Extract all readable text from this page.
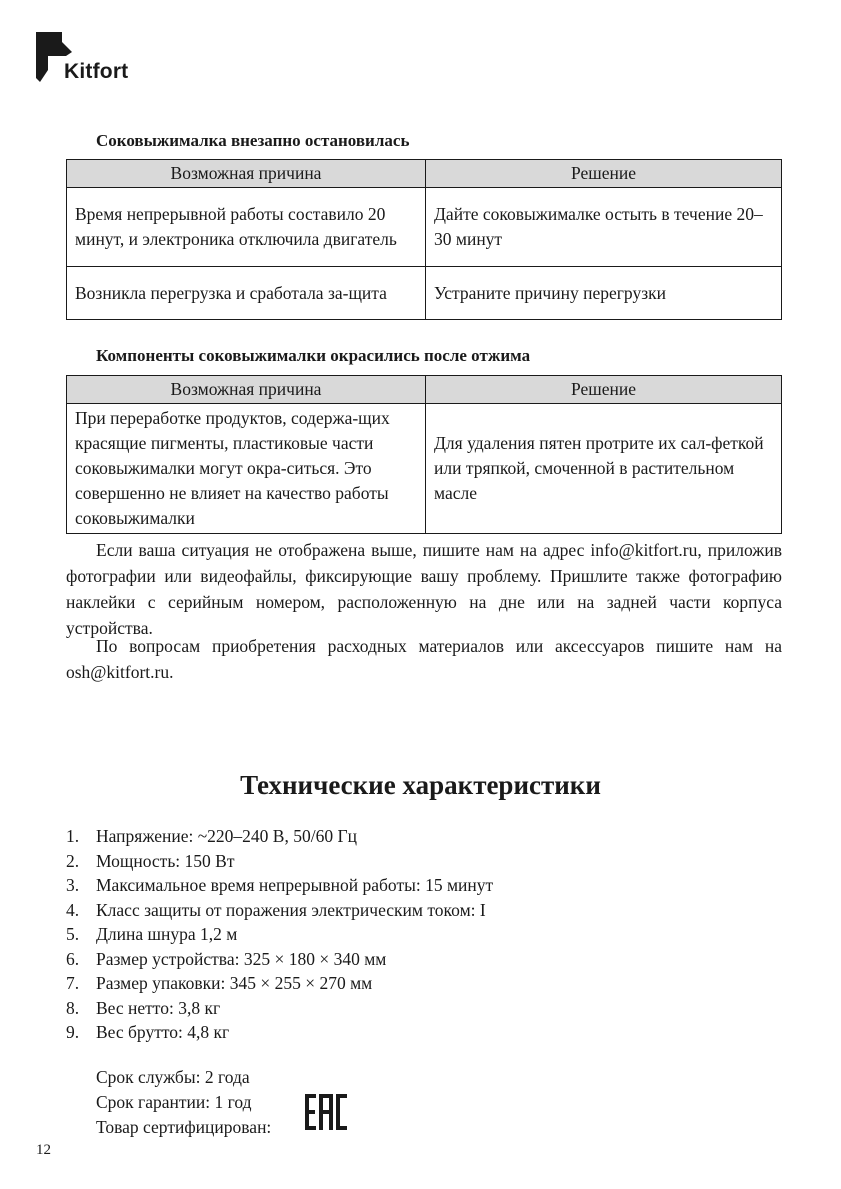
Kitfort
Соковыжималка внезапно остановилась
Возможная причина	Решение
Время непрерывной работы составило 20 минут, и электроника отключила двигатель	Дайте соковыжималке остыть в течение 20–30 минут
Возникла перегрузка и сработала за-щита	Устраните причину перегрузки
Компоненты соковыжималки окрасились после отжима
Возможная причина	Решение
При переработке продуктов, содержа-щих красящие пигменты, пластиковые части соковыжималки могут окра-ситься. Это совершенно не влияет на качество работы соковыжималки	Для удаления пятен протрите их сал-феткой или тряпкой, смоченной в растительном масле

Если ваша ситуация не отображена выше, пишите нам на адрес info@kitfort.ru, приложив фотографии или видеофайлы, фиксирующие вашу проблему. Пришлите также фотографию наклейки с серийным номером, расположенную на дне или на задней части корпуса устройства.

По вопросам приобретения расходных материалов или аксессуаров пишите нам на osh@kitfort.ru.

Технические характеристики
1. Напряжение: ~220–240 В, 50/60 Гц
2. Мощность: 150 Вт
3. Максимальное время непрерывной работы: 15 минут
4. Класс защиты от поражения электрическим током: I
5. Длина шнура 1,2 м
6. Размер устройства: 325 × 180 × 340 мм
7. Размер упаковки: 345 × 255 × 270 мм
8. Вес нетто: 3,8 кг
9. Вес брутто: 4,8 кг
Срок службы: 2 года
Срок гарантии: 1 год
Товар сертифицирован:
12
